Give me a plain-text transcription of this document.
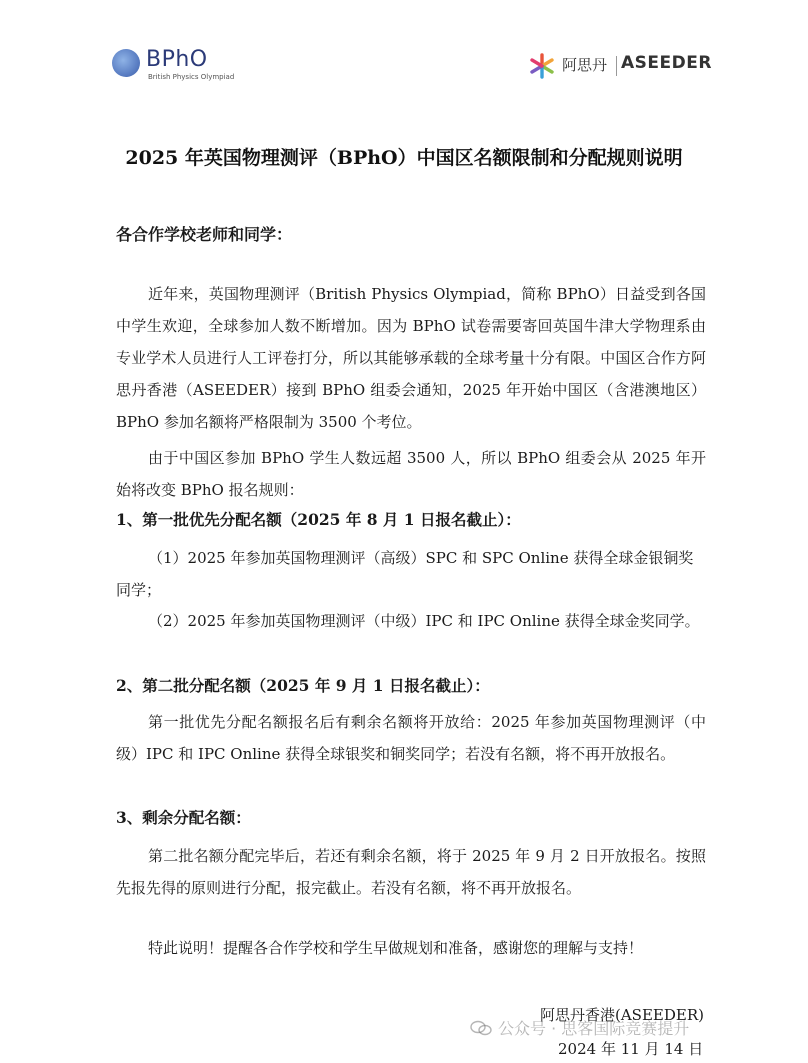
BPhO
British Physics Olympiad
阿思丹 ASEEDER
2025 年英国物理测评（BPhO）中国区名额限制和分配规则说明
各合作学校老师和同学：
近年来，英国物理测评（British Physics Olympiad，简称 BPhO）日益受到各国中学生欢迎，全球参加人数不断增加。因为 BPhO 试卷需要寄回英国牛津大学物理系由专业学术人员进行人工评卷打分，所以其能够承载的全球考量十分有限。中国区合作方阿思丹香港（ASEEDER）接到 BPhO 组委会通知，2025 年开始中国区（含港澳地区）BPhO 参加名额将严格限制为 3500 个考位。
由于中国区参加 BPhO 学生人数远超 3500 人，所以 BPhO 组委会从 2025 年开始将改变 BPhO 报名规则：
1、第一批优先分配名额（2025 年 8 月 1 日报名截止）：
（1）2025 年参加英国物理测评（高级）SPC 和 SPC Online 获得全球金银铜奖同学；
（2）2025 年参加英国物理测评（中级）IPC 和 IPC Online 获得全球金奖同学。
2、第二批分配名额（2025 年 9 月 1 日报名截止）：
第一批优先分配名额报名后有剩余名额将开放给：2025 年参加英国物理测评（中级）IPC 和 IPC Online 获得全球银奖和铜奖同学；若没有名额，将不再开放报名。
3、剩余分配名额：
第二批名额分配完毕后，若还有剩余名额，将于 2025 年 9 月 2 日开放报名。按照先报先得的原则进行分配，报完截止。若没有名额，将不再开放报名。
特此说明！提醒各合作学校和学生早做规划和准备，感谢您的理解与支持！
公众号 · 思客国际竞赛提升
阿思丹香港(ASEEDER)
2024 年 11 月 14 日
